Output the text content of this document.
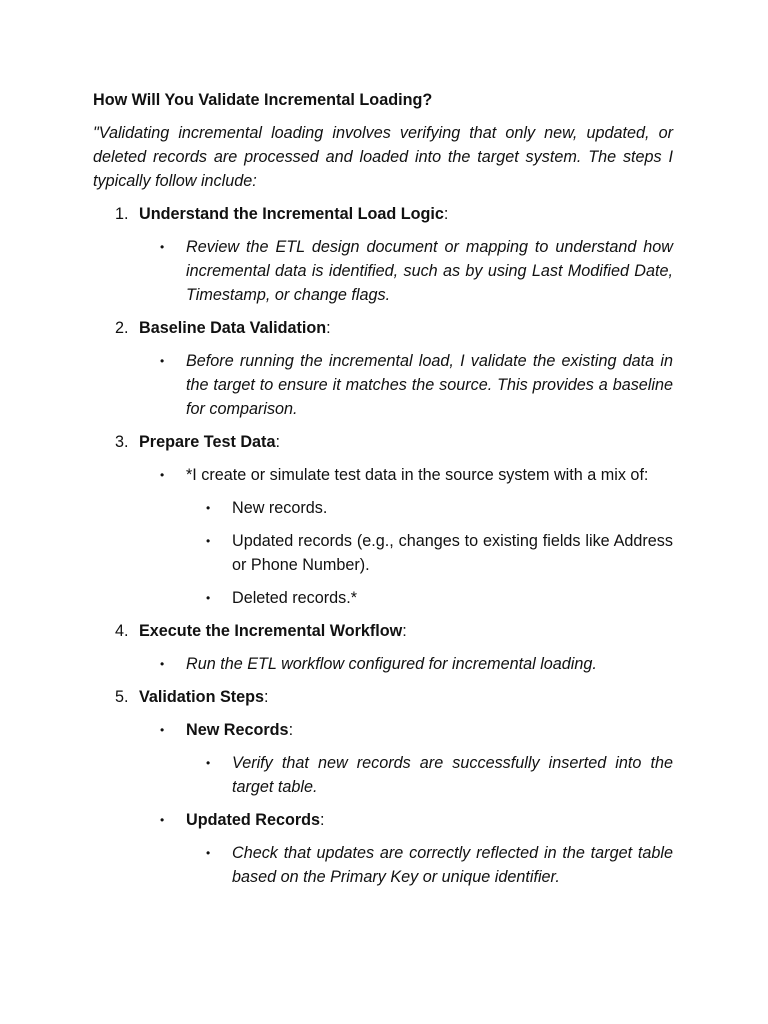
How Will You Validate Incremental Loading?

"Validating incremental loading involves verifying that only new, updated, or deleted records are processed and loaded into the target system. The steps I typically follow include:

1. Understand the Incremental Load Logic:
• Review the ETL design document or mapping to understand how incremental data is identified, such as by using Last Modified Date, Timestamp, or change flags.
2. Baseline Data Validation:
• Before running the incremental load, I validate the existing data in the target to ensure it matches the source. This provides a baseline for comparison.
3. Prepare Test Data:
• *I create or simulate test data in the source system with a mix of:
• New records.
• Updated records (e.g., changes to existing fields like Address or Phone Number).
• Deleted records.*
4. Execute the Incremental Workflow:
• Run the ETL workflow configured for incremental loading.
5. Validation Steps:
• New Records:
• Verify that new records are successfully inserted into the target table.
• Updated Records:
• Check that updates are correctly reflected in the target table based on the Primary Key or unique identifier.
